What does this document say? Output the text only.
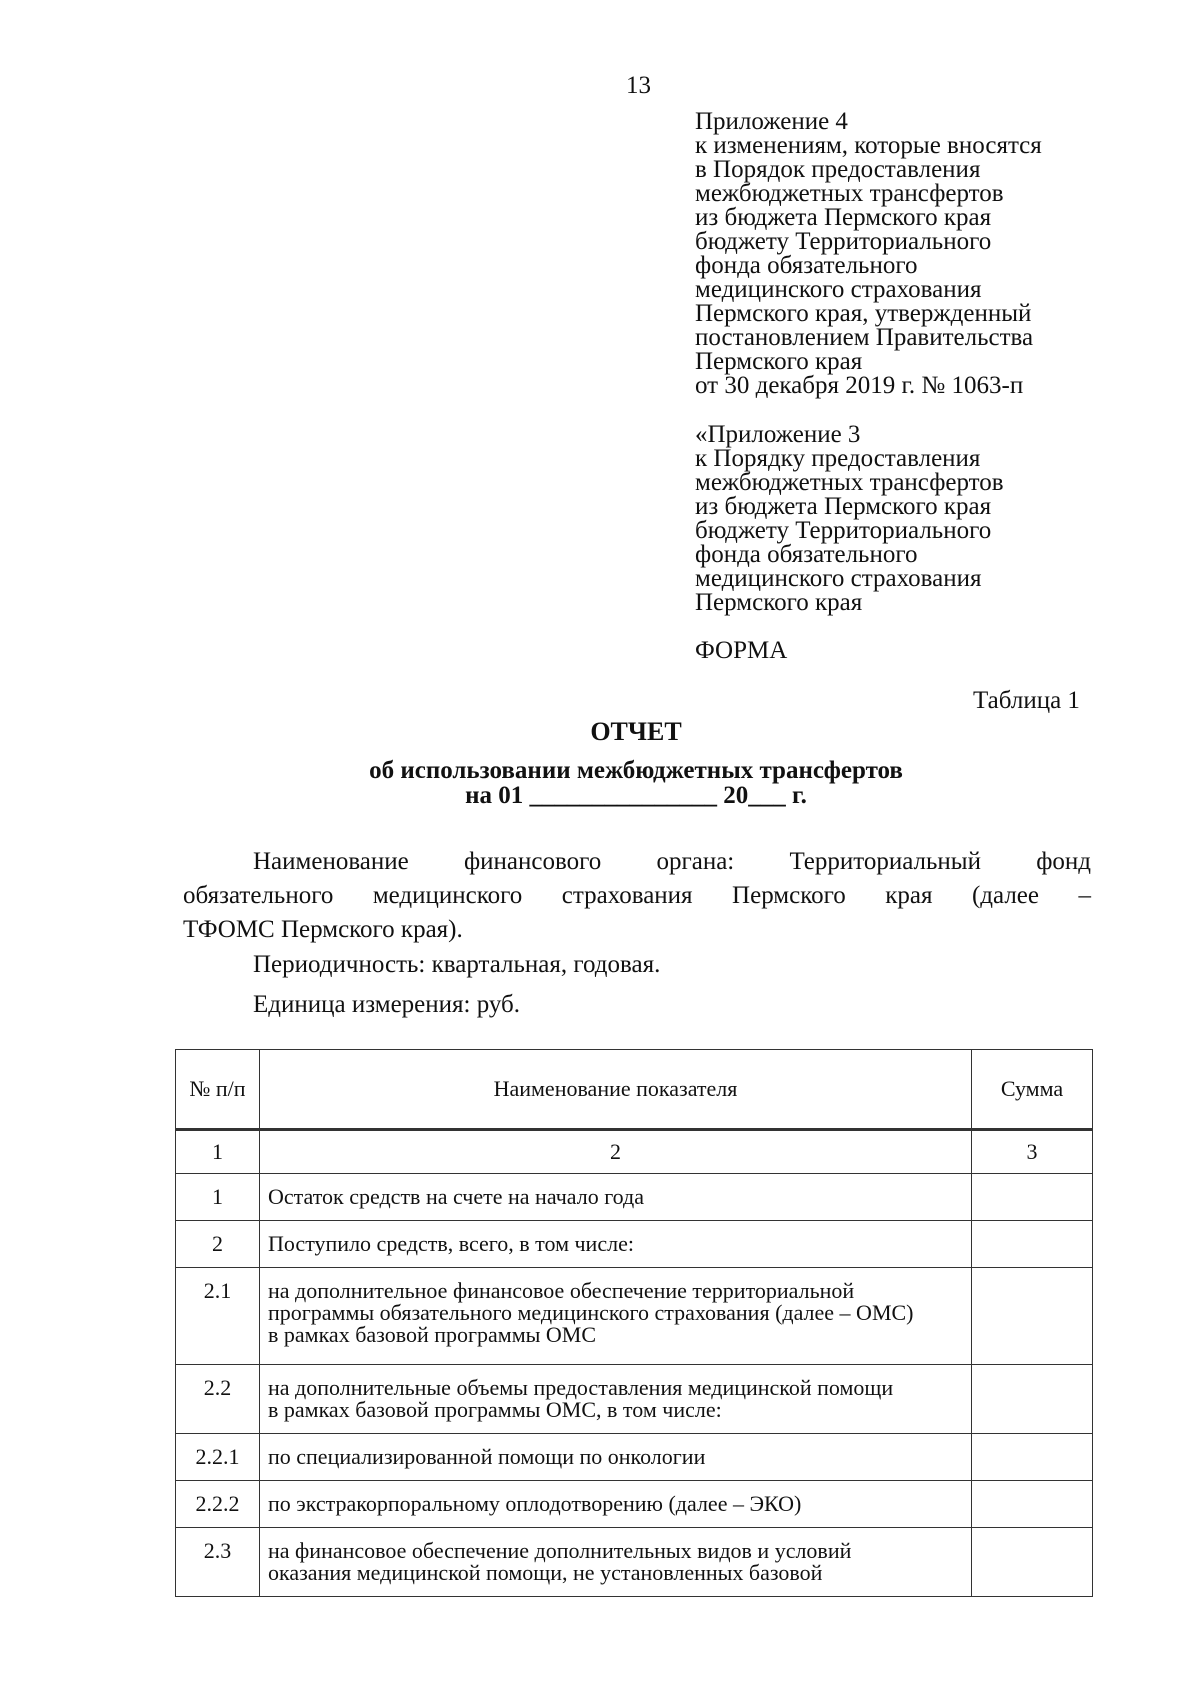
13
Приложение 4
к изменениям, которые вносятся
в Порядок предоставления
межбюджетных трансфертов
из бюджета Пермского края
бюджету Территориального
фонда обязательного
медицинского страхования
Пермского края, утвержденный
постановлением Правительства
Пермского края
от 30 декабря 2019 г. № 1063-п
«Приложение 3
к Порядку предоставления
межбюджетных трансфертов
из бюджета Пермского края
бюджету Территориального
фонда обязательного
медицинского страхования
Пермского края
ФОРМА
Таблица 1
ОТЧЕТ
об использовании межбюджетных трансфертов
на 01 _______________ 20___ г.
Наименование финансового органа: Территориальный фонд
обязательного медицинского страхования Пермского края (далее –
ТФОМС Пермского края).
Периодичность: квартальная, годовая.
Единица измерения: руб.
№ п/п	Наименование показателя	Сумма
1	2	3
1	Остаток средств на счете на начало года	

2	Поступило средств, всего, в том числе:	

2.1	на дополнительное финансовое обеспечение территориальной
программы обязательного медицинского страхования (далее – ОМС)
в рамках базовой программы ОМС	

2.2	на дополнительные объемы предоставления медицинской помощи
в рамках базовой программы ОМС, в том числе:	

2.2.1	по специализированной помощи по онкологии	

2.2.2	по экстракорпоральному оплодотворению (далее – ЭКО)	

2.3	на финансовое обеспечение дополнительных видов и условий
оказания медицинской помощи, не установленных базовой	
